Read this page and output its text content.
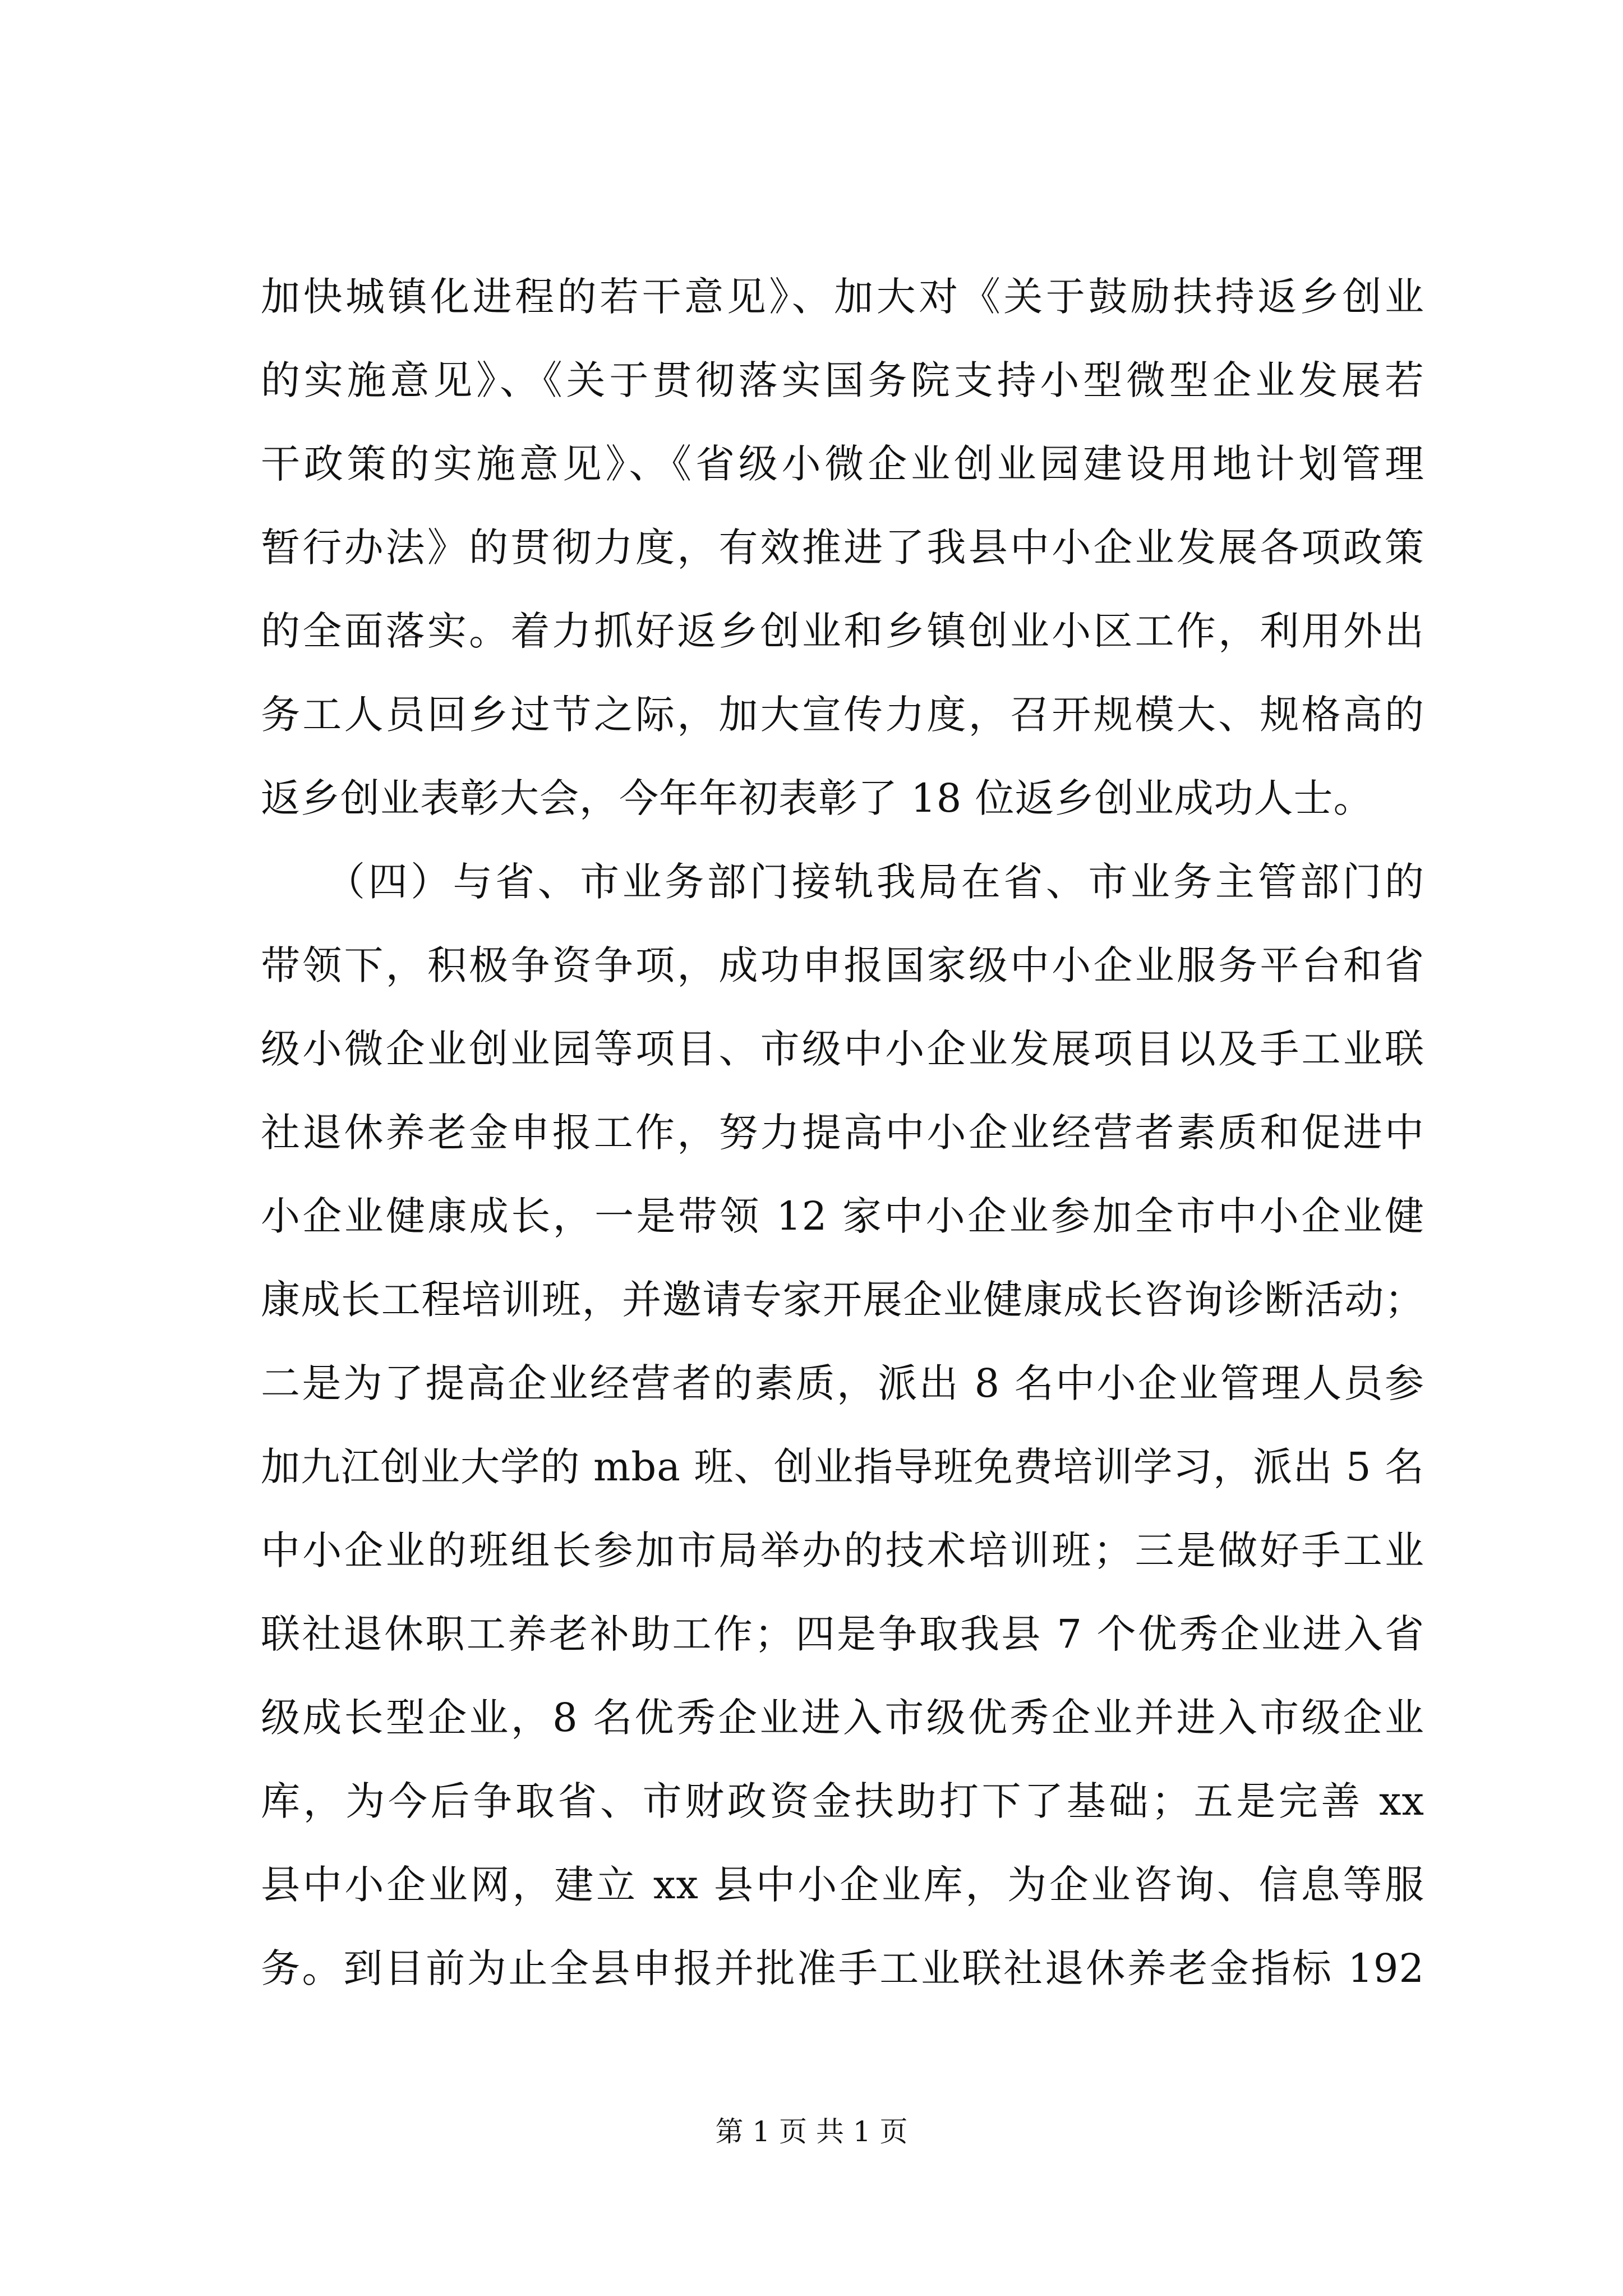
加快城镇化进程的若干意见》、加大对《关于鼓励扶持返乡创业
的实施意见》、《关于贯彻落实国务院支持小型微型企业发展若
干政策的实施意见》、《省级小微企业创业园建设用地计划管理
暂行办法》的贯彻力度，有效推进了我县中小企业发展各项政策
的全面落实。着力抓好返乡创业和乡镇创业小区工作，利用外出
务工人员回乡过节之际，加大宣传力度，召开规模大、规格高的
返乡创业表彰大会，今年年初表彰了 18 位返乡创业成功人士。
　　（四）与省、市业务部门接轨我局在省、市业务主管部门的
带领下，积极争资争项，成功申报国家级中小企业服务平台和省
级小微企业创业园等项目、市级中小企业发展项目以及手工业联
社退休养老金申报工作，努力提高中小企业经营者素质和促进中
小企业健康成长，一是带领 12 家中小企业参加全市中小企业健
康成长工程培训班，并邀请专家开展企业健康成长咨询诊断活动；
二是为了提高企业经营者的素质，派出 8 名中小企业管理人员参
加九江创业大学的 mba 班、创业指导班免费培训学习，派出 5 名
中小企业的班组长参加市局举办的技术培训班；三是做好手工业
联社退休职工养老补助工作；四是争取我县 7 个优秀企业进入省
级成长型企业，8 名优秀企业进入市级优秀企业并进入市级企业
库，为今后争取省、市财政资金扶助打下了基础；五是完善 xx
县中小企业网，建立 xx 县中小企业库，为企业咨询、信息等服
务。到目前为止全县申报并批准手工业联社退休养老金指标 192
第 1 页 共 1 页
